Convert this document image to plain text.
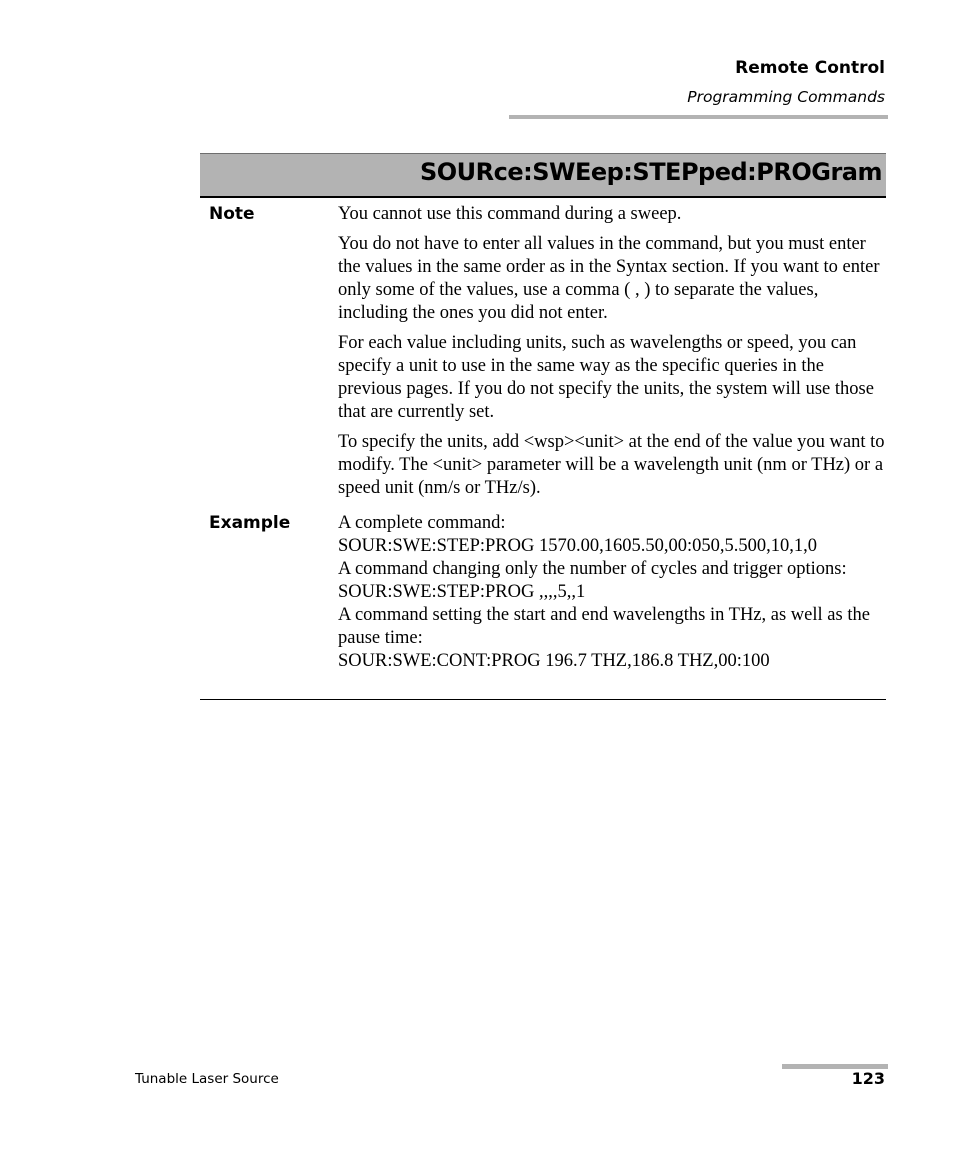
Remote Control
Programming Commands
SOURce:SWEep:STEPped:PROGram
Note	You cannot use this command during a sweep.

You do not have to enter all values in the command, but you must enter the values in the same order as in the Syntax section. If you want to enter only some of the values, use a comma ( , ) to separate the values, including the ones you did not enter.

For each value including units, such as wavelengths or speed, you can specify a unit to use in the same way as the specific queries in the previous pages. If you do not specify the units, the system will use those that are currently set.

To specify the units, add <wsp><unit> at the end of the value you want to modify. The <unit> parameter will be a wavelength unit (nm or THz) or a speed unit (nm/s or THz/s).

Example	A complete command:

SOUR:SWE:STEP:PROG 1570.00,1605.50,00:050,5.500,10,1,0

A command changing only the number of cycles and trigger options:

SOUR:SWE:STEP:PROG ,,,,5,,1

A command setting the start and end wavelengths in THz, as well as the pause time:

SOUR:SWE:CONT:PROG 196.7 THZ,186.8 THZ,00:100

Tunable Laser Source	123
